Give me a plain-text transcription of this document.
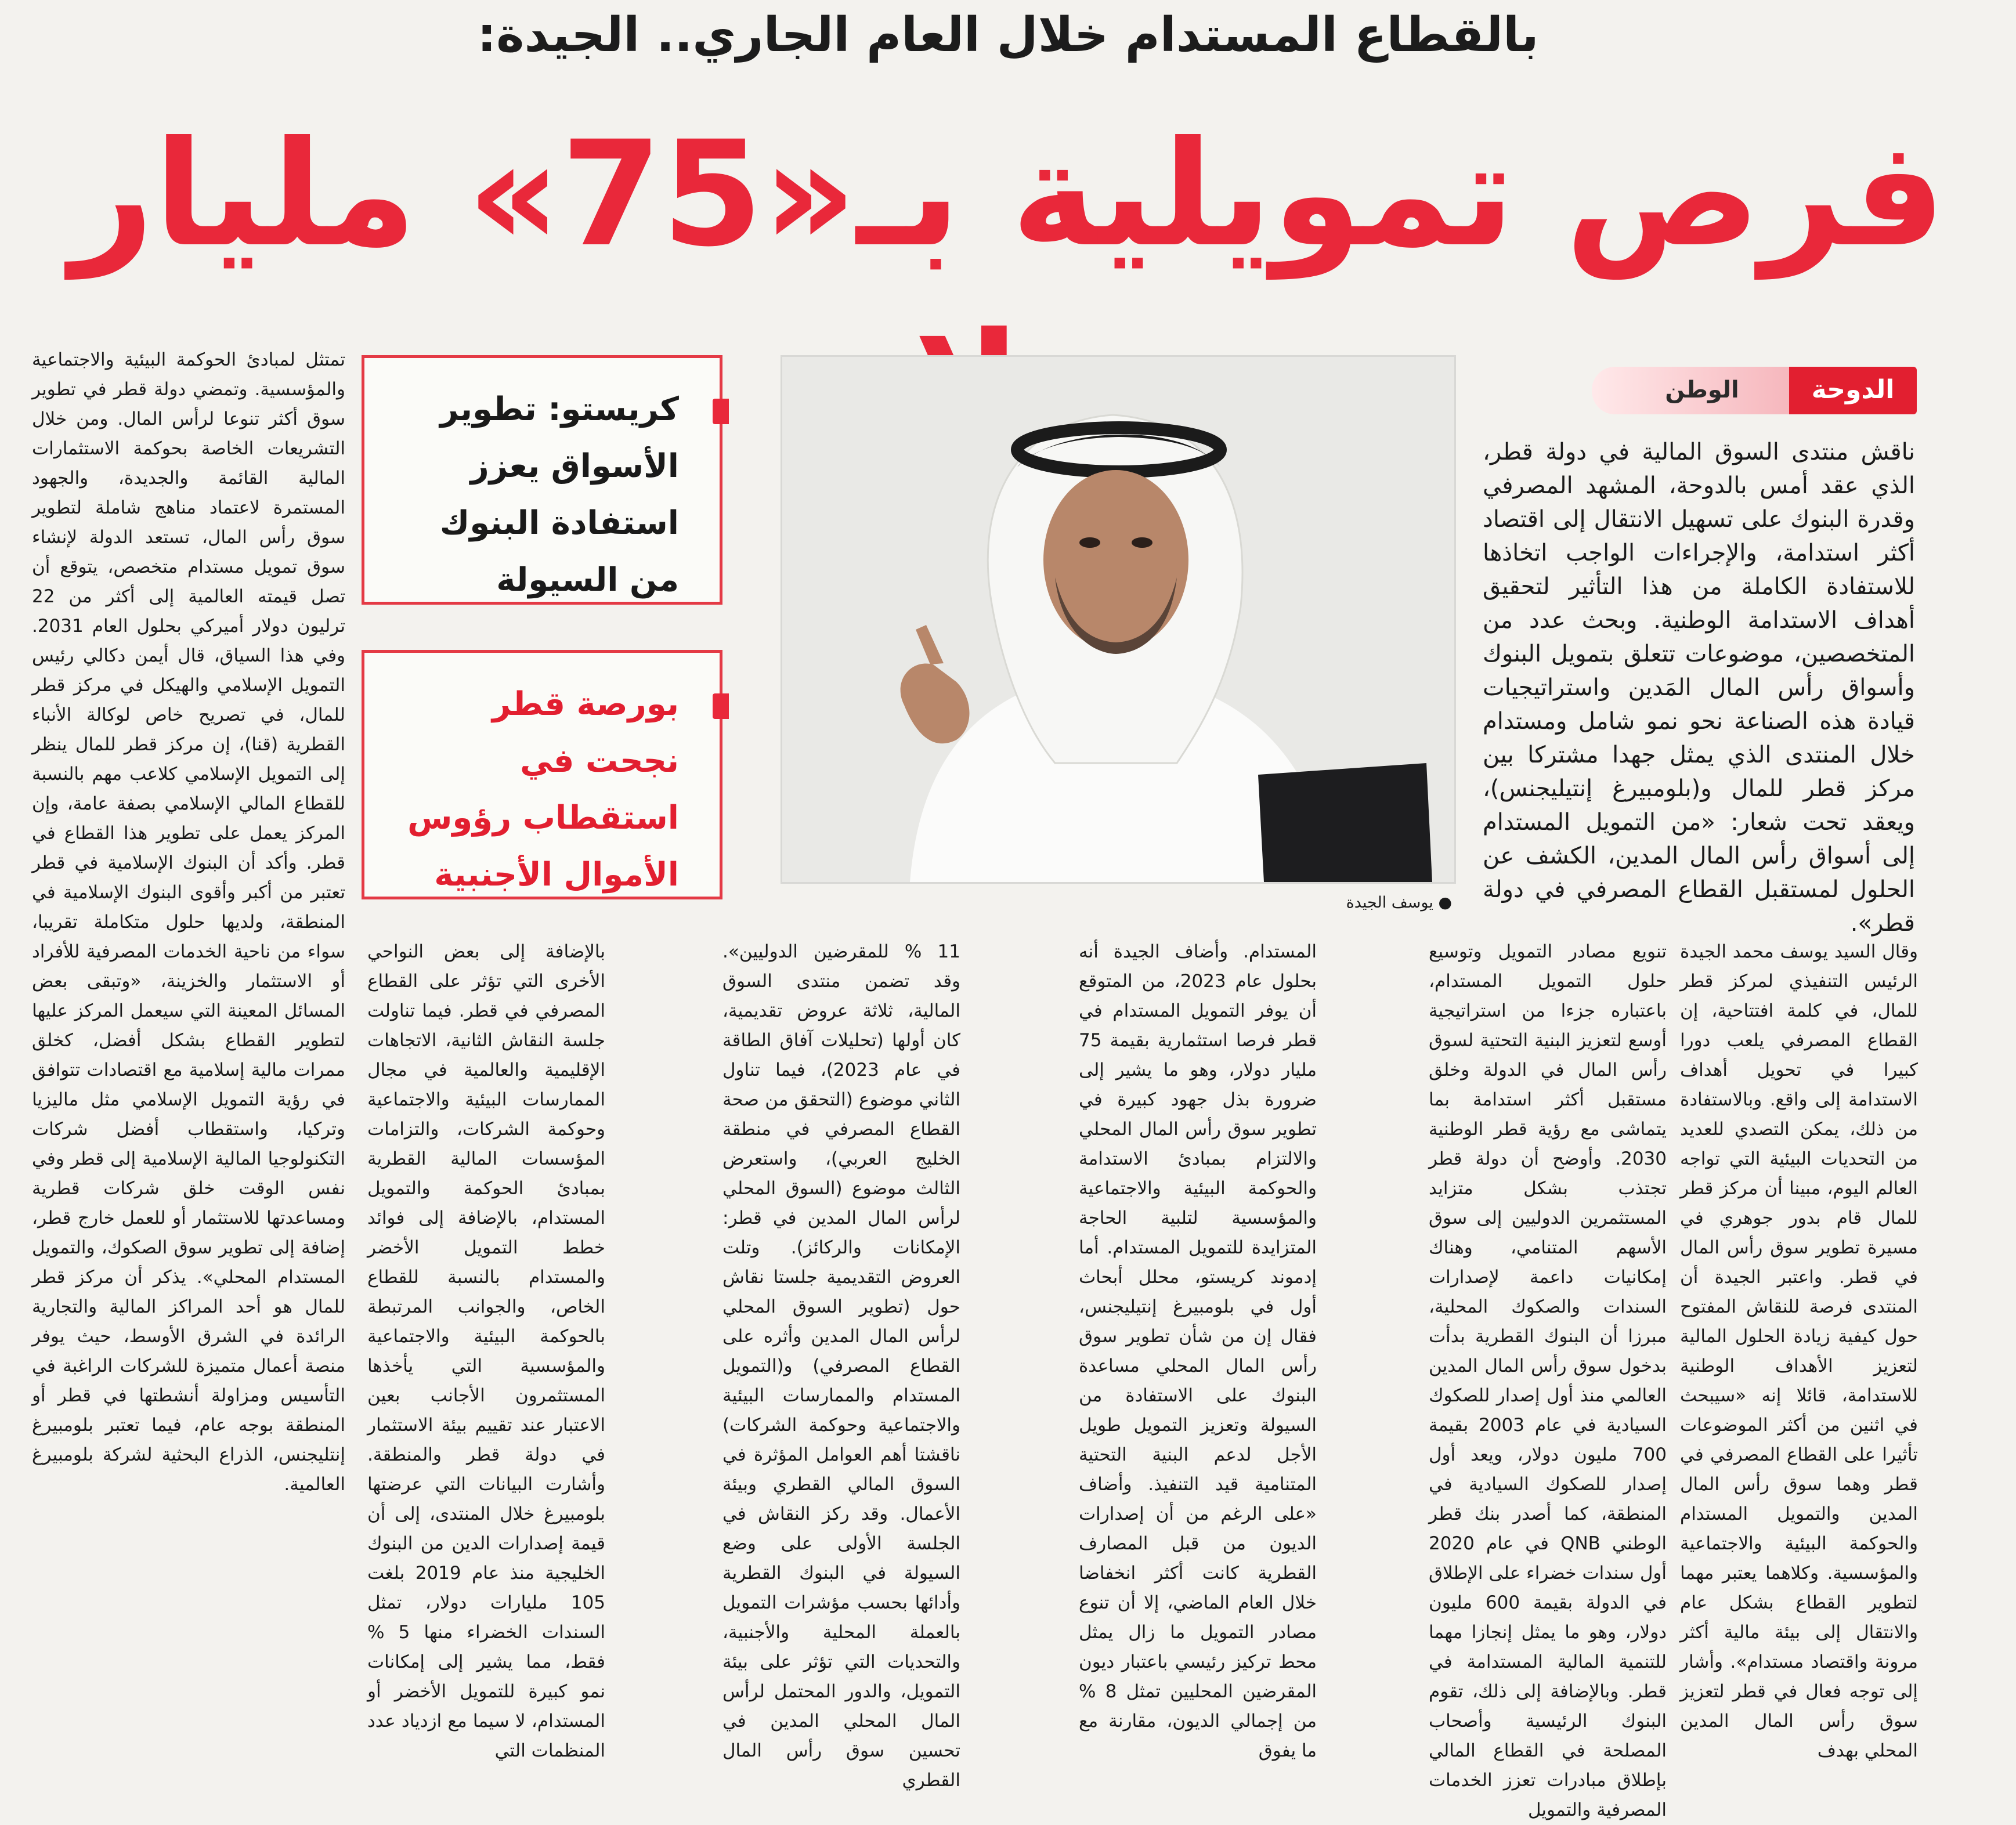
بالقطاع المستدام خلال العام الجاري.. الجيدة:
فرص تمويلية بـ«75» مليار

تمتثل لمبادئ الحوكمة البيئية والاجتماعية والمؤسسية. وتمضي دولة قطر في تطوير سوق أكثر تنوعا لرأس المال. ومن خلال التشريعات الخاصة بحوكمة الاستثمارات المالية القائمة والجديدة، والجهود المستمرة لاعتماد مناهج شاملة لتطوير سوق رأس المال، تستعد الدولة لإنشاء سوق تمويل مستدام متخصص، يتوقع أن تصل قيمته العالمية إلى أكثر من 22 ترليون دولار أميركي بحلول العام 2031. وفي هذا السياق، قال أيمن دكالي رئيس التمويل الإسلامي والهيكل في مركز قطر للمال، في تصريح خاص لوكالة الأنباء القطرية (قنا)، إن مركز قطر للمال ينظر إلى التمويل الإسلامي كلاعب مهم بالنسبة للقطاع المالي الإسلامي بصفة عامة، وإن المركز يعمل على تطوير هذا القطاع في قطر. وأكد أن البنوك الإسلامية في قطر تعتبر من أكبر وأقوى البنوك الإسلامية في المنطقة، ولديها حلول متكاملة تقريبا، سواء من ناحية الخدمات المصرفية للأفراد أو الاستثمار والخزينة، «وتبقى بعض المسائل المعينة التي سيعمل المركز عليها لتطوير القطاع بشكل أفضل، كخلق ممرات مالية إسلامية مع اقتصادات تتوافق في رؤية التمويل الإسلامي مثل ماليزيا وتركيا، واستقطاب أفضل شركات التكنولوجيا المالية الإسلامية إلى قطر وفي نفس الوقت خلق شركات قطرية ومساعدتها للاستثمار أو للعمل خارج قطر، إضافة إلى تطوير سوق الصكوك، والتمويل المستدام المحلي». يذكر أن مركز قطر للمال هو أحد المراكز المالية والتجارية الرائدة في الشرق الأوسط، حيث يوفر منصة أعمال متميزة للشركات الراغبة في التأسيس ومزاولة أنشطتها في قطر أو المنطقة بوجه عام، فيما تعتبر بلومبيرغ إنتليجنس، الذراع البحثية لشركة بلومبيرغ العالمية.

كريستو: تطوير الأسواق يعزز استفادة البنوك من السيولة
بورصة قطر نجحت في استقطاب رؤوس الأموال الأجنبية
● يوسف الجيدة
الوطن	الدوحة

ناقش منتدى السوق المالية في دولة قطر، الذي عقد أمس بالدوحة، المشهد المصرفي وقدرة البنوك على تسهيل الانتقال إلى اقتصاد أكثر استدامة، والإجراءات الواجب اتخاذها للاستفادة الكاملة من هذا التأثير لتحقيق أهداف الاستدامة الوطنية. وبحث عدد من المتخصصين، موضوعات تتعلق بتمويل البنوك وأسواق رأس المال المَدين واستراتيجيات قيادة هذه الصناعة نحو نمو شامل ومستدام خلال المنتدى الذي يمثل جهدا مشتركا بين مركز قطر للمال و(بلومبيرغ إنتيليجنس)، ويعقد تحت شعار: «من التمويل المستدام إلى أسواق رأس المال المدين، الكشف عن الحلول لمستقبل القطاع المصرفي في دولة قطر».

وقال السيد يوسف محمد الجيدة الرئيس التنفيذي لمركز قطر للمال، في كلمة افتتاحية، إن القطاع المصرفي يلعب دورا كبيرا في تحويل أهداف الاستدامة إلى واقع. وبالاستفادة من ذلك، يمكن التصدي للعديد من التحديات البيئية التي تواجه العالم اليوم، مبينا أن مركز قطر للمال قام بدور جوهري في مسيرة تطوير سوق رأس المال في قطر. واعتبر الجيدة أن المنتدى فرصة للنقاش المفتوح حول كيفية زيادة الحلول المالية لتعزيز الأهداف الوطنية للاستدامة، قائلا إنه «سيبحث في اثنين من أكثر الموضوعات تأثيرا على القطاع المصرفي في قطر وهما سوق رأس المال المدين والتمويل المستدام والحوكمة البيئية والاجتماعية والمؤسسية. وكلاهما يعتبر مهما لتطوير القطاع بشكل عام والانتقال إلى بيئة مالية أكثر مرونة واقتصاد مستدام». وأشار إلى توجه فعال في قطر لتعزيز سوق رأس المال المدين المحلي بهدف

تنويع مصادر التمويل وتوسيع حلول التمويل المستدام، باعتباره جزءا من استراتيجية أوسع لتعزيز البنية التحتية لسوق رأس المال في الدولة وخلق مستقبل أكثر استدامة بما يتماشى مع رؤية قطر الوطنية 2030. وأوضح أن دولة قطر تجتذب بشكل متزايد المستثمرين الدوليين إلى سوق الأسهم المتنامي، وهناك إمكانيات داعمة لإصدارات السندات والصكوك المحلية، مبرزا أن البنوك القطرية بدأت بدخول سوق رأس المال المدين العالمي منذ أول إصدار للصكوك السيادية في عام 2003 بقيمة 700 مليون دولار، ويعد أول إصدار للصكوك السيادية في المنطقة، كما أصدر بنك قطر الوطني QNB في عام 2020 أول سندات خضراء على الإطلاق في الدولة بقيمة 600 مليون دولار، وهو ما يمثل إنجازا مهما للتنمية المالية المستدامة في قطر. وبالإضافة إلى ذلك، تقوم البنوك الرئيسية وأصحاب المصلحة في القطاع المالي بإطلاق مبادرات تعزز الخدمات المصرفية والتمويل

المستدام. وأضاف الجيدة أنه بحلول عام 2023، من المتوقع أن يوفر التمويل المستدام في قطر فرصا استثمارية بقيمة 75 مليار دولار، وهو ما يشير إلى ضرورة بذل جهود كبيرة في تطوير سوق رأس المال المحلي والالتزام بمبادئ الاستدامة والحوكمة البيئية والاجتماعية والمؤسسية لتلبية الحاجة المتزايدة للتمويل المستدام. أما إدموند كريستو، محلل أبحاث أول في بلومبيرغ إنتيليجنس، فقال إن من شأن تطوير سوق رأس المال المحلي مساعدة البنوك على الاستفادة من السيولة وتعزيز التمويل طويل الأجل لدعم البنية التحتية المتنامية قيد التنفيذ. وأضاف «على الرغم من أن إصدارات الديون من قبل المصارف القطرية كانت أكثر انخفاضا خلال العام الماضي، إلا أن تنوع مصادر التمويل ما زال يمثل محط تركيز رئيسي باعتبار ديون المقرضين المحليين تمثل 8 % من إجمالي الديون، مقارنة مع ما يفوق

11 % للمقرضين الدوليين». وقد تضمن منتدى السوق المالية، ثلاثة عروض تقديمية، كان أولها (تحليلات آفاق الطاقة في عام 2023)، فيما تناول الثاني موضوع (التحقق من صحة القطاع المصرفي في منطقة الخليج العربي)، واستعرض الثالث موضوع (السوق المحلي لرأس المال المدين في قطر: الإمكانات والركائز). وتلت العروض التقديمية جلستا نقاش حول (تطوير السوق المحلي لرأس المال المدين وأثره على القطاع المصرفي) و(التمويل المستدام والممارسات البيئية والاجتماعية وحوكمة الشركات) ناقشتا أهم العوامل المؤثرة في السوق المالي القطري وبيئة الأعمال. وقد ركز النقاش في الجلسة الأولى على وضع السيولة في البنوك القطرية وأدائها بحسب مؤشرات التمويل بالعملة المحلية والأجنبية، والتحديات التي تؤثر على بيئة التمويل، والدور المحتمل لرأس المال المحلي المدين في تحسين سوق رأس المال القطري

بالإضافة إلى بعض النواحي الأخرى التي تؤثر على القطاع المصرفي في قطر. فيما تناولت جلسة النقاش الثانية، الاتجاهات الإقليمية والعالمية في مجال الممارسات البيئية والاجتماعية وحوكمة الشركات، والتزامات المؤسسات المالية القطرية بمبادئ الحوكمة والتمويل المستدام، بالإضافة إلى فوائد خطط التمويل الأخضر والمستدام بالنسبة للقطاع الخاص، والجوانب المرتبطة بالحوكمة البيئية والاجتماعية والمؤسسية التي يأخذها المستثمرون الأجانب بعين الاعتبار عند تقييم بيئة الاستثمار في دولة قطر والمنطقة. وأشارت البيانات التي عرضتها بلومبيرغ خلال المنتدى، إلى أن قيمة إصدارات الدين من البنوك الخليجية منذ عام 2019 بلغت 105 مليارات دولار، تمثل السندات الخضراء منها 5 % فقط، مما يشير إلى إمكانات نمو كبيرة للتمويل الأخضر أو المستدام، لا سيما مع ازدياد عدد المنظمات التي
